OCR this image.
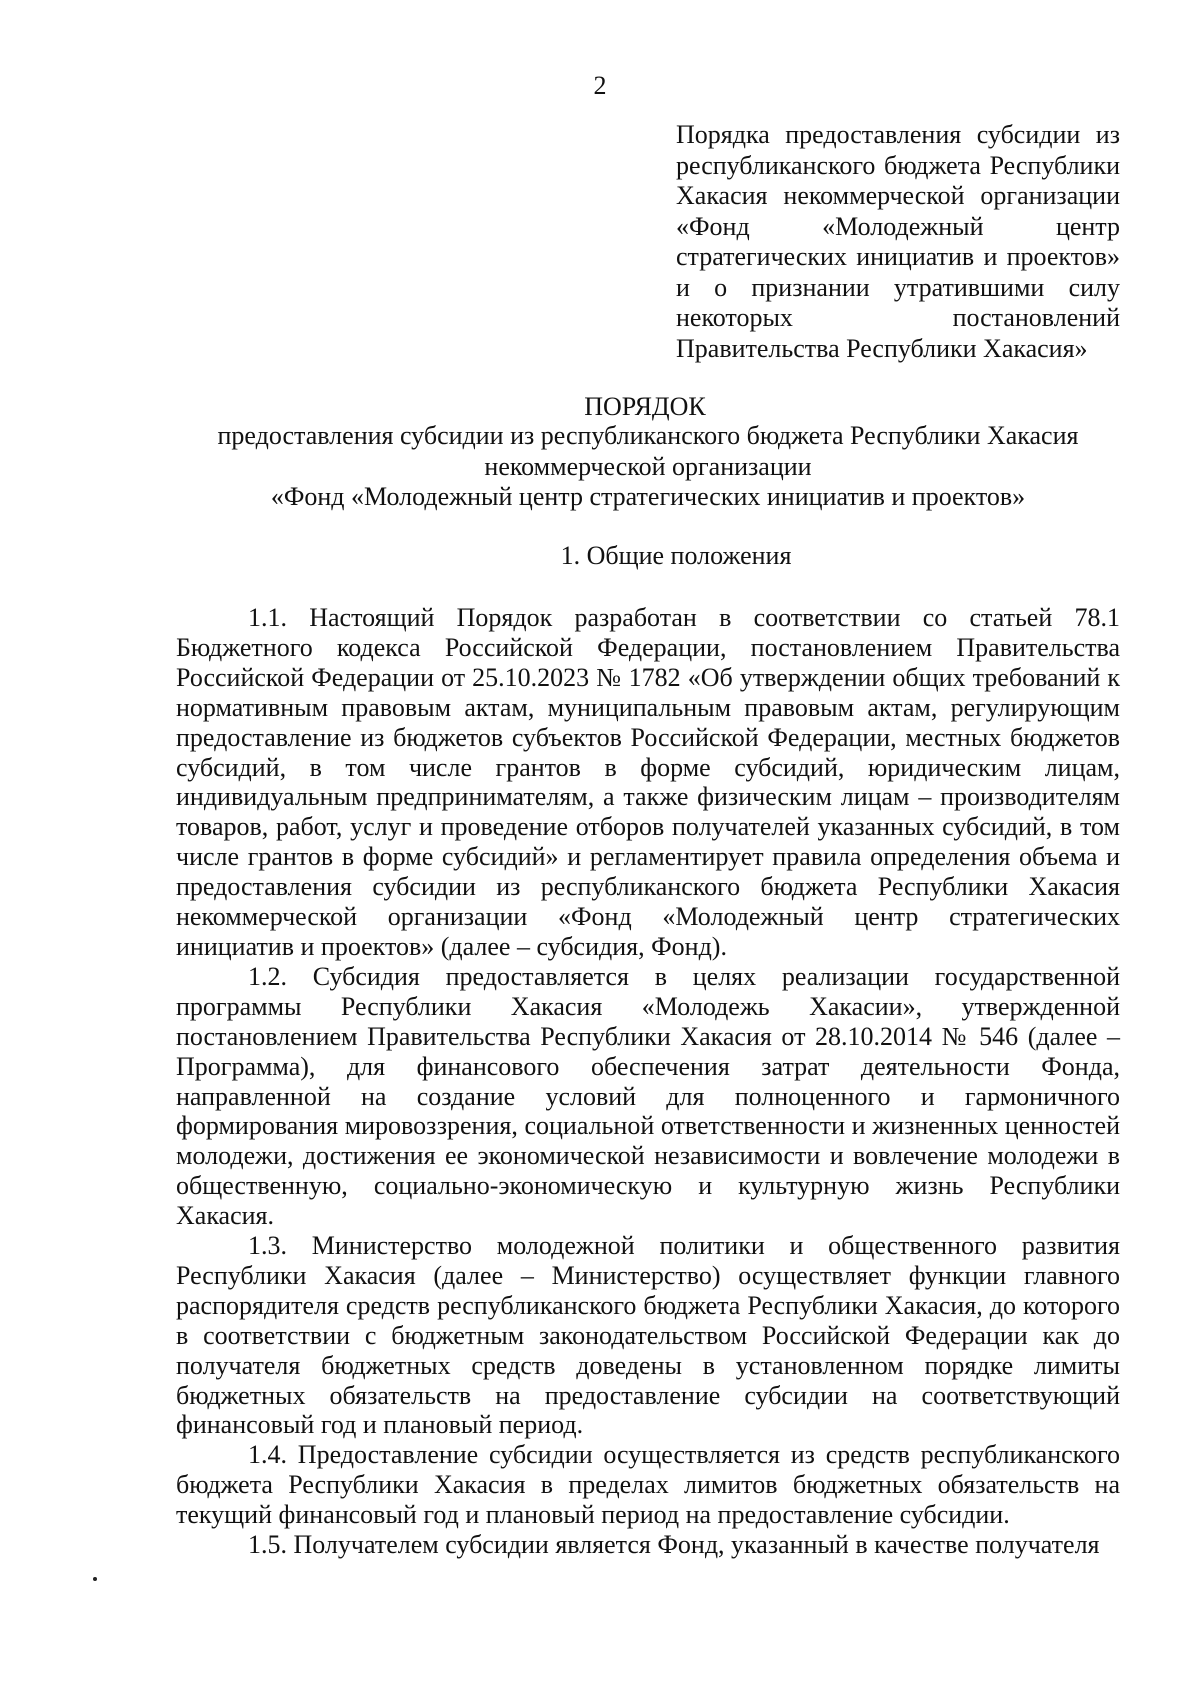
2
Порядка предоставления субсидии из республиканского бюджета Республики Хакасия некоммерческой организации «Фонд «Молодежный центр стратегических инициатив и проектов» и о признании утратившими силу некоторых постановлений Правительства Республики Хакасия»
ПОРЯДОК
предоставления субсидии из республиканского бюджета Республики Хакасия
некоммерческой организации
«Фонд «Молодежный центр стратегических инициатив и проектов»
1. Общие положения

1.1. Настоящий Порядок разработан в соответствии со статьей 78.1 Бюджетного кодекса Российской Федерации, постановлением Правительства Российской Федерации от 25.10.2023 № 1782 «Об утверждении общих требований к нормативным правовым актам, муниципальным правовым актам, регулирующим предоставление из бюджетов субъектов Российской Федерации, местных бюджетов субсидий, в том числе грантов в форме субсидий, юридическим лицам, индивидуальным предпринимателям, а также физическим лицам – производителям товаров, работ, услуг и проведение отборов получателей указанных субсидий, в том числе грантов в форме субсидий» и регламентирует правила определения объема и предоставления субсидии из республиканского бюджета Республики Хакасия некоммерческой организации «Фонд «Молодежный центр стратегических инициатив и проектов» (далее – субсидия, Фонд).

1.2. Субсидия предоставляется в целях реализации государственной программы Республики Хакасия «Молодежь Хакасии», утвержденной постановлением Правительства Республики Хакасия от 28.10.2014 № 546 (далее – Программа), для финансового обеспечения затрат деятельности Фонда, направленной на создание условий для полноценного и гармоничного формирования мировоззрения, социальной ответственности и жизненных ценностей молодежи, достижения ее экономической независимости и вовлечение молодежи в общественную, социально-экономическую и культурную жизнь Республики Хакасия.

1.3. Министерство молодежной политики и общественного развития Республики Хакасия (далее – Министерство) осуществляет функции главного распорядителя средств республиканского бюджета Республики Хакасия, до которого в соответствии с бюджетным законодательством Российской Федерации как до получателя бюджетных средств доведены в установленном порядке лимиты бюджетных обязательств на предоставление субсидии на соответствующий финансовый год и плановый период.

1.4. Предоставление субсидии осуществляется из средств республиканского бюджета Республики Хакасия в пределах лимитов бюджетных обязательств на текущий финансовый год и плановый период на предоставление субсидии.

1.5. Получателем субсидии является Фонд, указанный в качестве получателя
